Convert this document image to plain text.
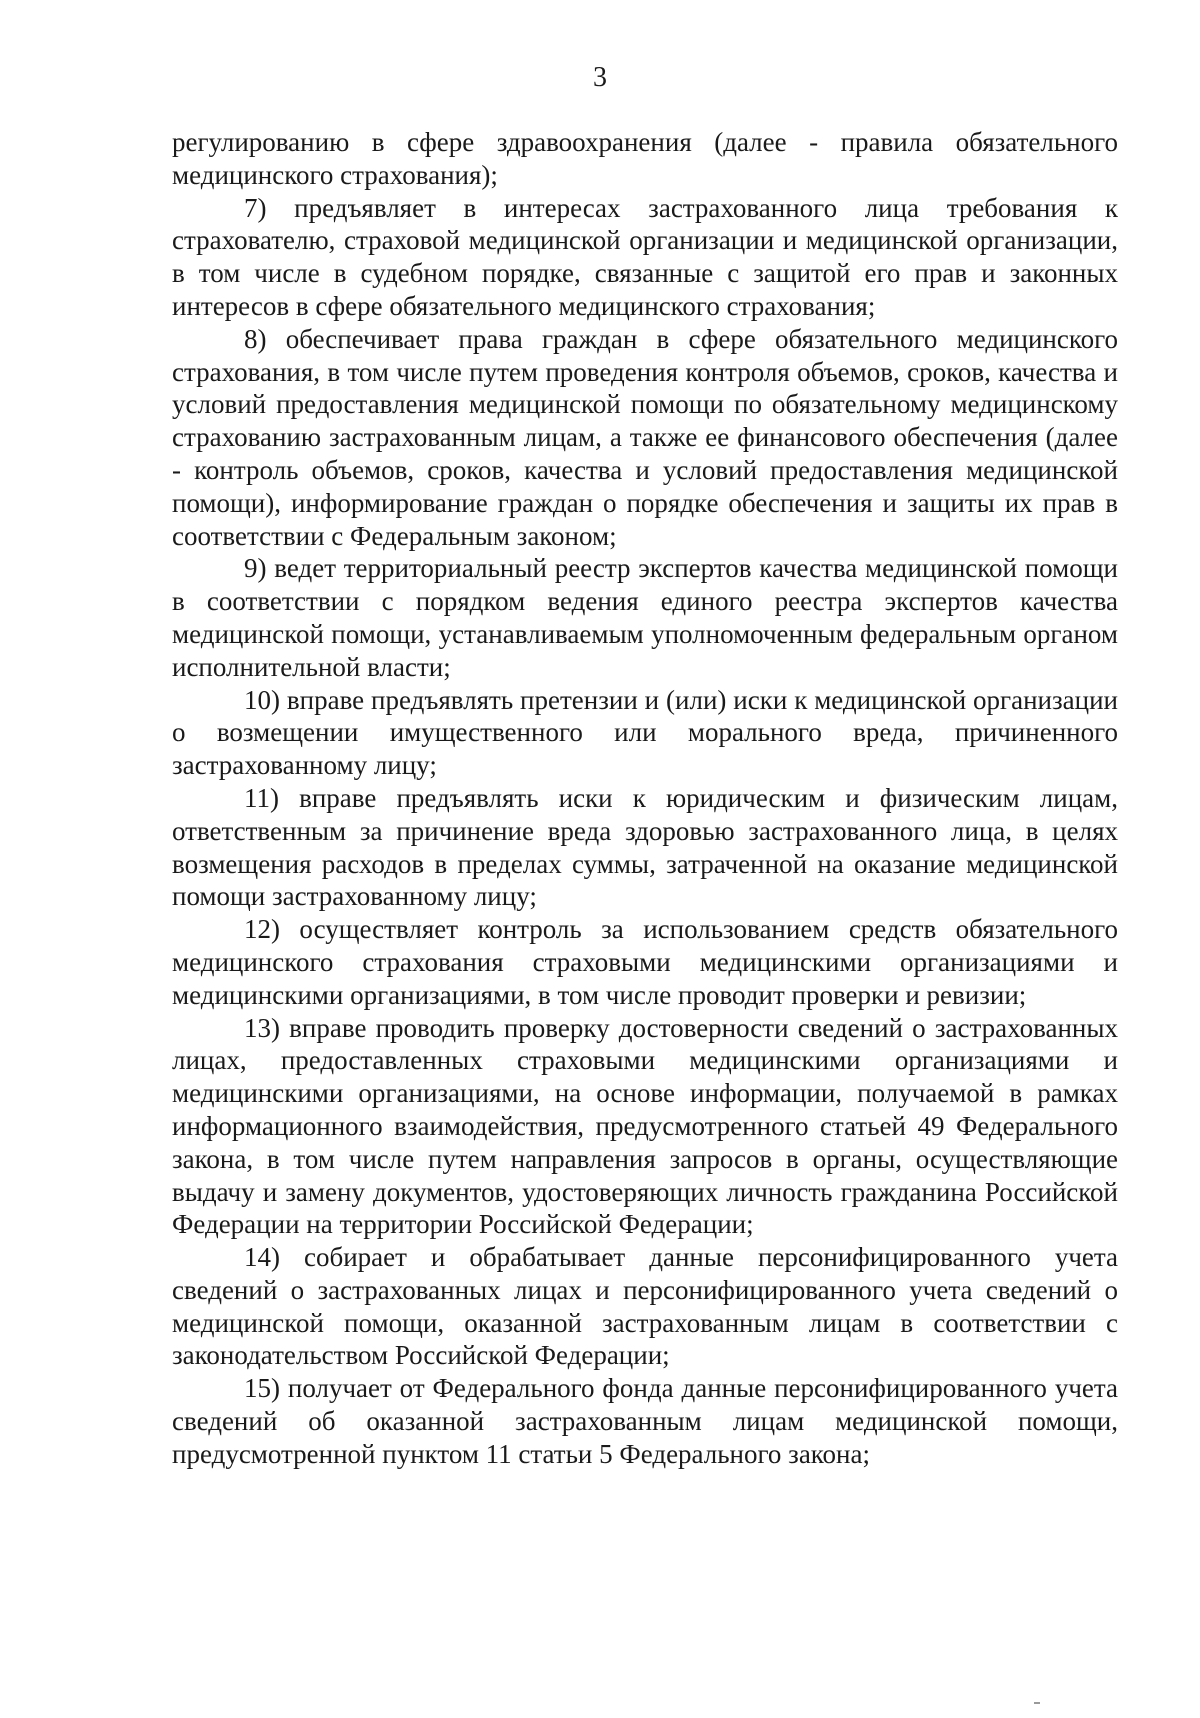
3

регулированию в сфере здравоохранения (далее - правила обязательного медицинского страхования);

7) предъявляет в интересах застрахованного лица требования к страхователю, страховой медицинской организации и медицинской организации, в том числе в судебном порядке, связанные с защитой его прав и законных интересов в сфере обязательного медицинского страхования;

8) обеспечивает права граждан в сфере обязательного медицинского страхования, в том числе путем проведения контроля объемов, сроков, качества и условий предоставления медицинской помощи по обязательному медицинскому страхованию застрахованным лицам, а также ее финансового обеспечения (далее - контроль объемов, сроков, качества и условий предоставления медицинской помощи), информирование граждан о порядке обеспечения и защиты их прав в соответствии с Федеральным законом;

9) ведет территориальный реестр экспертов качества медицинской помощи в соответствии с порядком ведения единого реестра экспертов качества медицинской помощи, устанавливаемым уполномоченным федеральным органом исполнительной власти;

10) вправе предъявлять претензии и (или) иски к медицинской организации о возмещении имущественного или морального вреда, причиненного застрахованному лицу;

11) вправе предъявлять иски к юридическим и физическим лицам, ответственным за причинение вреда здоровью застрахованного лица, в целях возмещения расходов в пределах суммы, затраченной на оказание медицинской помощи застрахованному лицу;

12) осуществляет контроль за использованием средств обязательного медицинского страхования страховыми медицинскими организациями и медицинскими организациями, в том числе проводит проверки и ревизии;

13) вправе проводить проверку достоверности сведений о застрахованных лицах, предоставленных страховыми медицинскими организациями и медицинскими организациями, на основе информации, получаемой в рамках информационного взаимодействия, предусмотренного статьей 49 Федерального закона, в том числе путем направления запросов в органы, осуществляющие выдачу и замену документов, удостоверяющих личность гражданина Российской Федерации на территории Российской Федерации;

14) собирает и обрабатывает данные персонифицированного учета сведений о застрахованных лицах и персонифицированного учета сведений о медицинской помощи, оказанной застрахованным лицам в соответствии с законодательством Российской Федерации;

15) получает от Федерального фонда данные персонифицированного учета сведений об оказанной застрахованным лицам медицинской помощи, предусмотренной пунктом 11 статьи 5 Федерального закона;
